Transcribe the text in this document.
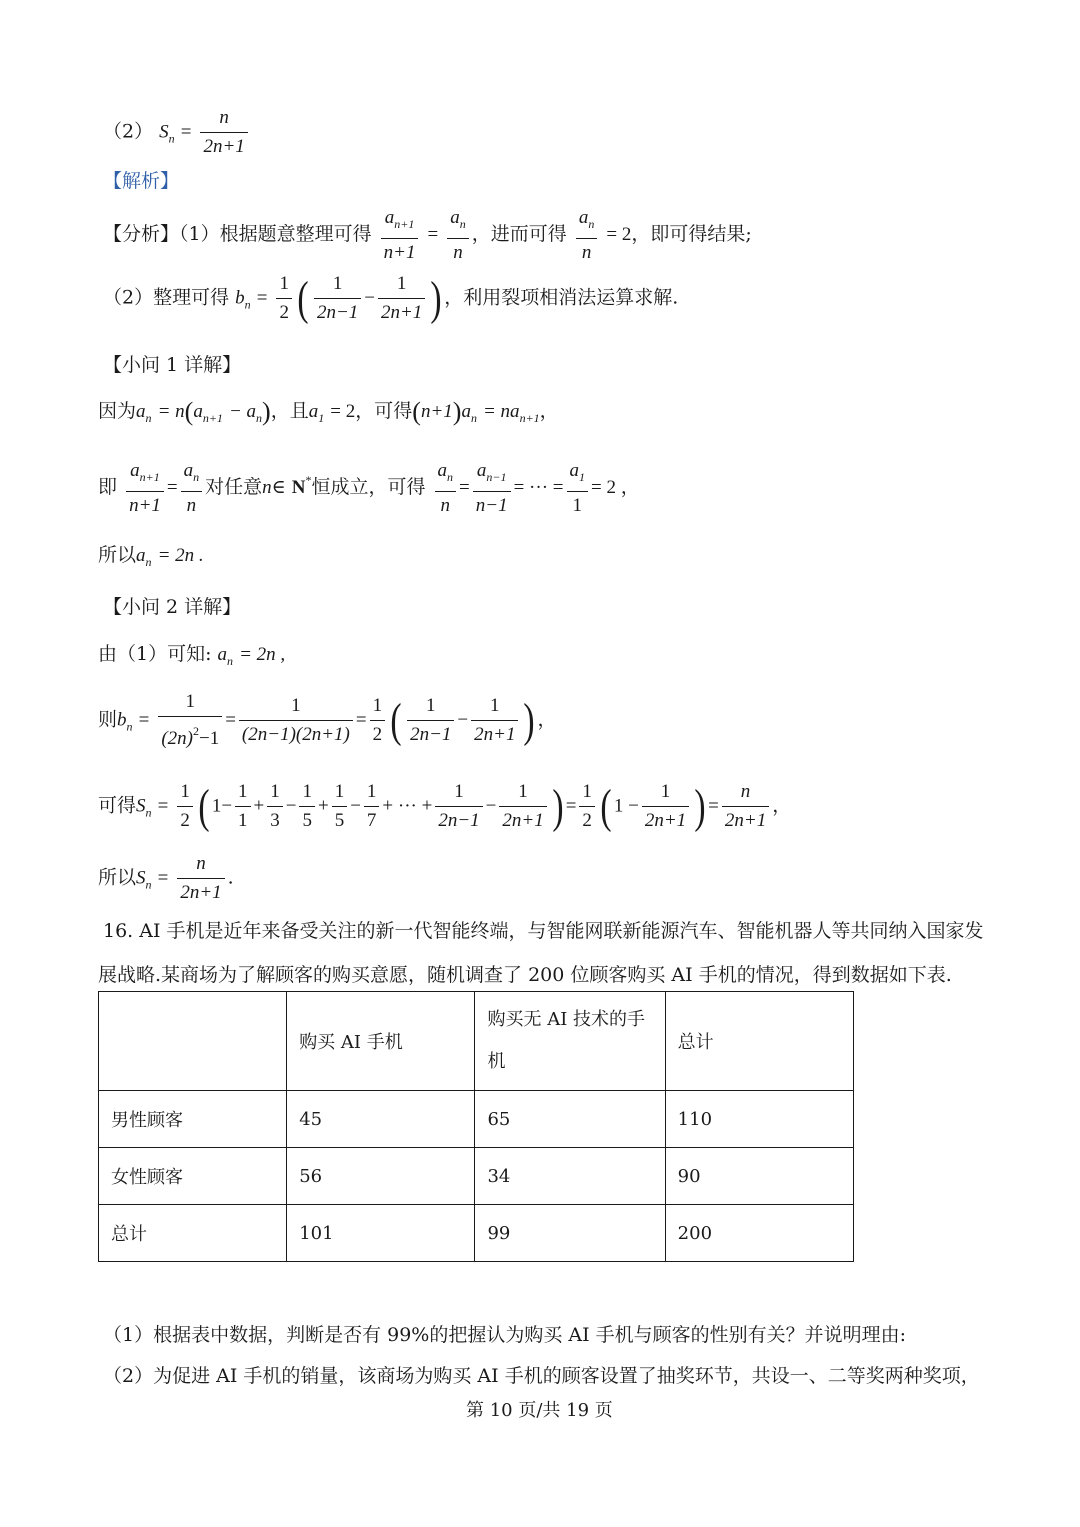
（2） $S_n = \frac{n}{2n+1}$
【解析】
【分析】（1）根据题意整理可得 $\frac{a_{n+1}}{n+1} = \frac{a_n}{n}$ ，进而可得 $\frac{a_n}{n} = 2$，即可得结果;
（2）整理可得 $b_n = \frac{1}{2}$ ( $\frac{1}{2n-1} - \frac{1}{2n+1}$ ) ，利用裂项相消法运算求解.
【小问 1 详解】
因为$a_n = n(a_{n+1} - a_n)$，且$a_1 = 2$，可得$(n+1)a_n = na_{n+1}$，
即 $\frac{a_{n+1}}{n+1} = \frac{a_n}{n}$ 对任意n∈ N*恒成立，可得 $\frac{a_n}{n} = \frac{a_{n-1}}{n-1}$ = ··· = $\frac{a_1}{1} = 2$ ，
所以$a_n = 2n$ .
【小问 2 详解】
由（1）可知: $a_n = 2n$ ,
则$b_n = \frac{1}{(2n)^2-1} = \frac{1}{(2n-1)(2n+1)} = \frac{1}{2}$ ( $\frac{1}{2n-1} - \frac{1}{2n+1}$ ) ，
可得$S_n = \frac{1}{2}$ ( $1- \frac{1}{1} + \frac{1}{3} - \frac{1}{5} + \frac{1}{5} - \frac{1}{7}$ + ··· + $\frac{1}{2n-1} - \frac{1}{2n+1}$ ) = $\frac{1}{2}$ ( $1 - \frac{1}{2n+1}$ ) = $\frac{n}{2n+1}$ ，
所以$S_n = \frac{n}{2n+1}$ .
16. AI 手机是近年来备受关注的新一代智能终端，与智能网联新能源汽车、智能机器人等共同纳入国家发
展战略.某商场为了解顾客的购买意愿，随机调查了 200 位顾客购买 AI 手机的情况，得到数据如下表.
	购买 AI 手机	购买无 AI 技术的手机	总计
男性顾客	45	65	110
女性顾客	56	34	90
总计	101	99	200
（1）根据表中数据，判断是否有 99%的把握认为购买 AI 手机与顾客的性别有关？并说明理由:
（2）为促进 AI 手机的销量，该商场为购买 AI 手机的顾客设置了抽奖环节，共设一、二等奖两种奖项，
第 10 页/共 19 页
